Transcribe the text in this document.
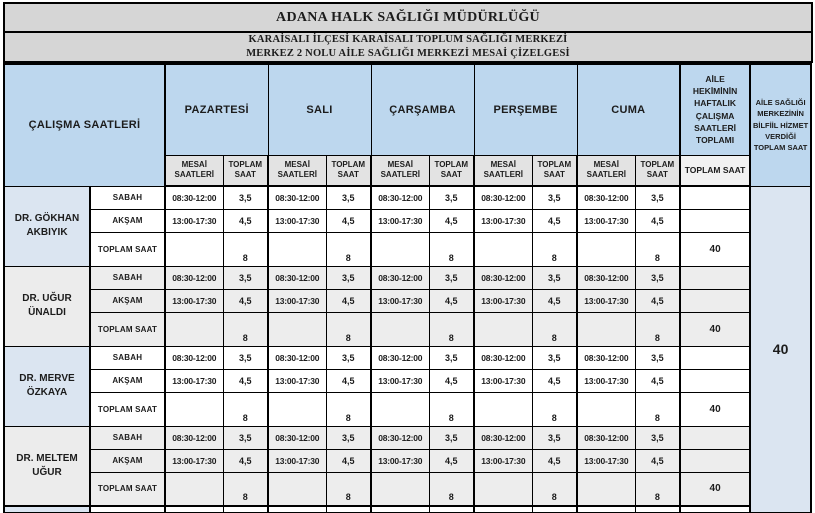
ADANA HALK SAĞLIĞI MÜDÜRLÜĞÜ
KARAİSALI İLÇESİ KARAİSALI TOPLUM SAĞLIĞI MERKEZİ
MERKEZ 2 NOLU AİLE SAĞLIĞI MERKEZİ MESAİ ÇİZELGESİ
ÇALIŞMA SAATLERİ		PAZARTESİ		SALI		ÇARŞAMBA		PERŞEMBE		CUMA		AİLE HEKİMİNİN HAFTALIK ÇALIŞMA SAATLERİ TOPLAMI	AİLE SAĞLIĞI MERKEZİNİN BİLFİİL HİZMET VERDİĞİ TOPLAM SAAT
		MESAİ SAATLERİ	TOPLAM SAAT	MESAİ SAATLERİ	TOPLAM SAAT	MESAİ SAATLERİ	TOPLAM SAAT	MESAİ SAATLERİ	TOPLAM SAAT	MESAİ SAATLERİ	TOPLAM SAAT	TOPLAM SAAT	
DR. GÖKHAN AKBIYIK	SABAH	08:30-12:00	3,5	08:30-12:00	3,5	08:30-12:00	3,5	08:30-12:00	3,5	08:30-12:00	3,5		40
	AKŞAM	13:00-17:30	4,5	13:00-17:30	4,5	13:00-17:30	4,5	13:00-17:30	4,5	13:00-17:30	4,5		
	TOPLAM SAAT		8		8		8		8		8	40	
DR. UĞUR ÜNALDI	SABAH	08:30-12:00	3,5	08:30-12:00	3,5	08:30-12:00	3,5	08:30-12:00	3,5	08:30-12:00	3,5		
	AKŞAM	13:00-17:30	4,5	13:00-17:30	4,5	13:00-17:30	4,5	13:00-17:30	4,5	13:00-17:30	4,5		
	TOPLAM SAAT		8		8		8		8		8	40	
DR. MERVE ÖZKAYA	SABAH	08:30-12:00	3,5	08:30-12:00	3,5	08:30-12:00	3,5	08:30-12:00	3,5	08:30-12:00	3,5		
	AKŞAM	13:00-17:30	4,5	13:00-17:30	4,5	13:00-17:30	4,5	13:00-17:30	4,5	13:00-17:30	4,5		
	TOPLAM SAAT		8		8		8		8		8	40	
DR. MELTEM UĞUR	SABAH	08:30-12:00	3,5	08:30-12:00	3,5	08:30-12:00	3,5	08:30-12:00	3,5	08:30-12:00	3,5		
	AKŞAM	13:00-17:30	4,5	13:00-17:30	4,5	13:00-17:30	4,5	13:00-17:30	4,5	13:00-17:30	4,5		
	TOPLAM SAAT		8		8		8		8		8	40	
